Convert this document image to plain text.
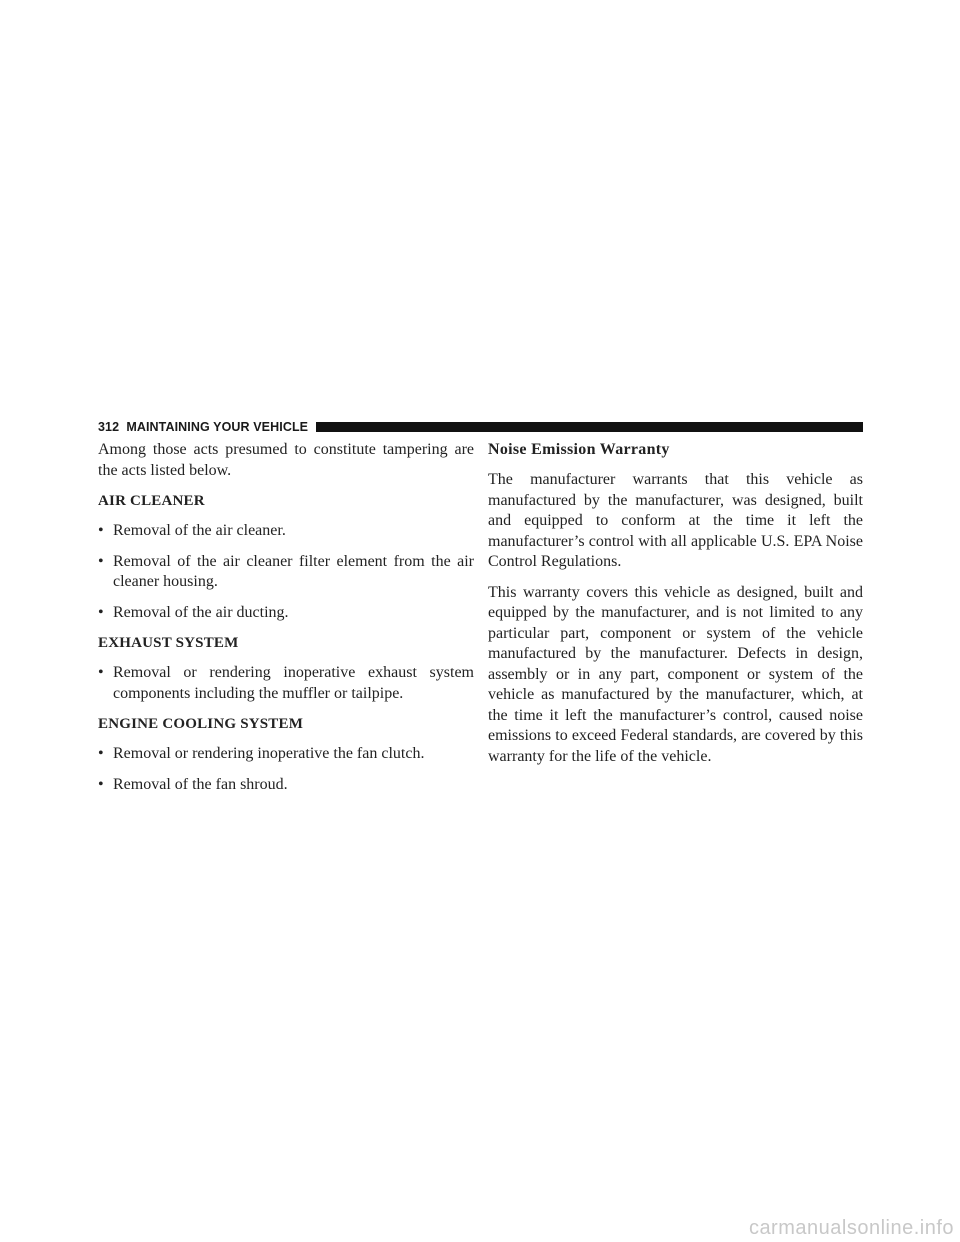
312 MAINTAINING YOUR VEHICLE

Among those acts presumed to constitute tampering are the acts listed below.

AIR CLEANER
• Removal of the air cleaner.
• Removal of the air cleaner filter element from the air cleaner housing.
• Removal of the air ducting.
EXHAUST SYSTEM
• Removal or rendering inoperative exhaust system components including the muffler or tailpipe.
ENGINE COOLING SYSTEM
• Removal or rendering inoperative the fan clutch.
• Removal of the fan shroud.
Noise Emission Warranty

The manufacturer warrants that this vehicle as manufactured by the manufacturer, was designed, built and equipped to conform at the time it left the manufacturer’s control with all applicable U.S. EPA Noise Control Regulations.

This warranty covers this vehicle as designed, built and equipped by the manufacturer, and is not limited to any particular part, component or system of the vehicle manufactured by the manufacturer. Defects in design, assembly or in any part, component or system of the vehicle as manufactured by the manufacturer, which, at the time it left the manufacturer’s control, caused noise emissions to exceed Federal standards, are covered by this warranty for the life of the vehicle.

carmanualsonline.info
